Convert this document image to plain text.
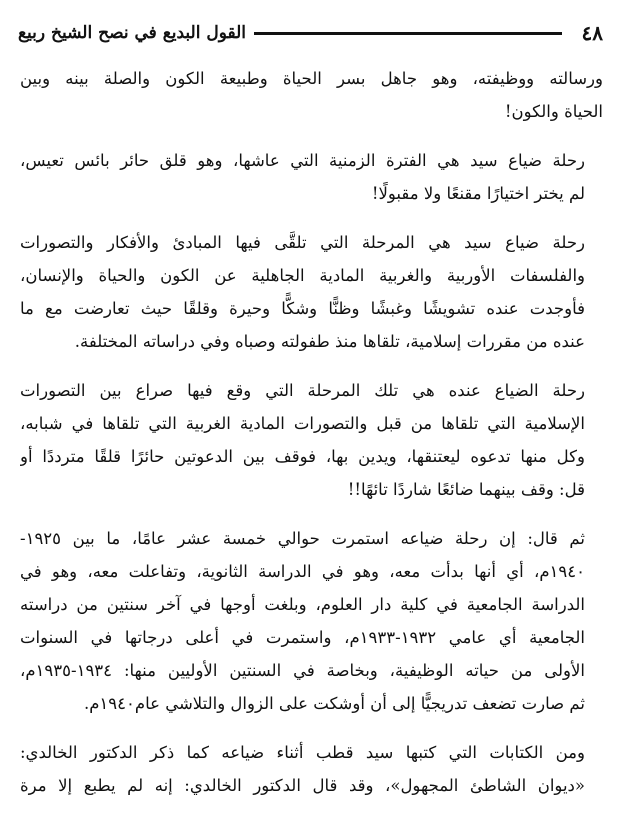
٤٨
القول البديع في نصح الشيخ ربيع
ورسالته ووظيفته، وهو جاهل بسر الحياة وطبيعة الكون والصلة بينه وبين
الحياة والكون!
رحلة ضياع سيد هي الفترة الزمنية التي عاشها، وهو قلق حائر بائس تعيس،
لم يختر اختيارًا مقنعًا ولا مقبولًا!
رحلة ضياع سيد هي المرحلة التي تلقَّى فيها المبادئ والأفكار والتصورات
والفلسفات الأوربية والغربية المادية الجاهلية عن الكون والحياة والإنسان،
فأوجدت عنده تشويشًا وغبشًا وظنًّا وشكًّا وحيرة وقلقًا حيث تعارضت مع ما
عنده من مقررات إسلامية، تلقاها منذ طفولته وصباه وفي دراساته المختلفة.
رحلة الضياع عنده هي تلك المرحلة التي وقع فيها صراع بين التصورات
الإسلامية التي تلقاها من قبل والتصورات المادية الغربية التي تلقاها في شبابه،
وكل منها تدعوه ليعتنقها، ويدين بها، فوقف بين الدعوتين حائرًا قلقًا مترددًا أو
قل: وقف بينهما ضائعًا شاردًا تائهًا!!
ثم قال: إن رحلة ضياعه استمرت حوالي خمسة عشر عامًا، ما بين ١٩٢٥-
١٩٤٠م، أي أنها بدأت معه، وهو في الدراسة الثانوية، وتفاعلت معه، وهو في
الدراسة الجامعية في كلية دار العلوم، وبلغت أوجها في آخر سنتين من دراسته
الجامعية أي عامي ١٩٣٢-١٩٣٣م، واستمرت في أعلى درجاتها في السنوات
الأولى من حياته الوظيفية، وبخاصة في السنتين الأوليين منها: ١٩٣٤-١٩٣٥م،
ثم صارت تضعف تدريجيًّا إلى أن أوشكت على الزوال والتلاشي عام١٩٤٠م.
ومن الكتابات التي كتبها سيد قطب أثناء ضياعه كما ذكر الدكتور الخالدي:
«ديوان الشاطئ المجهول»، وقد قال الدكتور الخالدي: إنه لم يطبع إلا مرة
